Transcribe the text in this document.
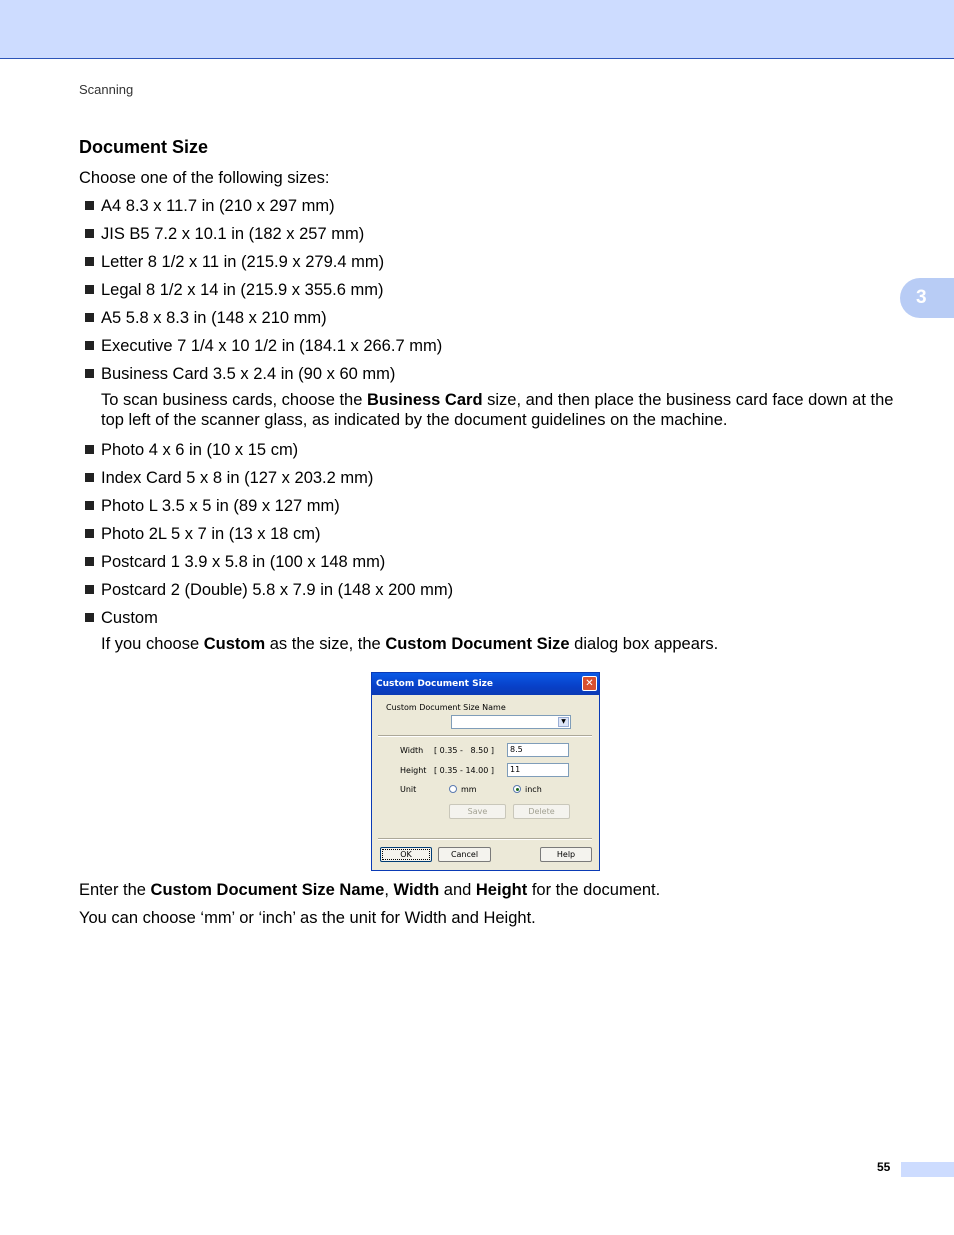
Scanning
3
Document Size
Choose one of the following sizes:
A4 8.3 x 11.7 in (210 x 297 mm)
JIS B5 7.2 x 10.1 in (182 x 257 mm)
Letter 8 1/2 x 11 in (215.9 x 279.4 mm)
Legal 8 1/2 x 14 in (215.9 x 355.6 mm)
A5 5.8 x 8.3 in (148 x 210 mm)
Executive 7 1/4 x 10 1/2 in (184.1 x 266.7 mm)
Business Card 3.5 x 2.4 in (90 x 60 mm)
To scan business cards, choose the Business Card size, and then place the business card face down at the top left of the scanner glass, as indicated by the document guidelines on the machine.
Photo 4 x 6 in (10 x 15 cm)
Index Card 5 x 8 in (127 x 203.2 mm)
Photo L 3.5 x 5 in (89 x 127 mm)
Photo 2L 5 x 7 in (13 x 18 cm)
Postcard 1 3.9 x 5.8 in (100 x 148 mm)
Postcard 2 (Double) 5.8 x 7.9 in (148 x 200 mm)
Custom
If you choose Custom as the size, the Custom Document Size dialog box appears.
Custom Document Size	✕
Custom Document Size Name
▼
Width [ 0.35 -   8.50 ]	8.5
Height [ 0.35 - 14.00 ]	11
Unit	mm	inch
Save	Delete
OK	Cancel	Help
Enter the Custom Document Size Name, Width and Height for the document.
You can choose ‘mm’ or ‘inch’ as the unit for Width and Height.
55
